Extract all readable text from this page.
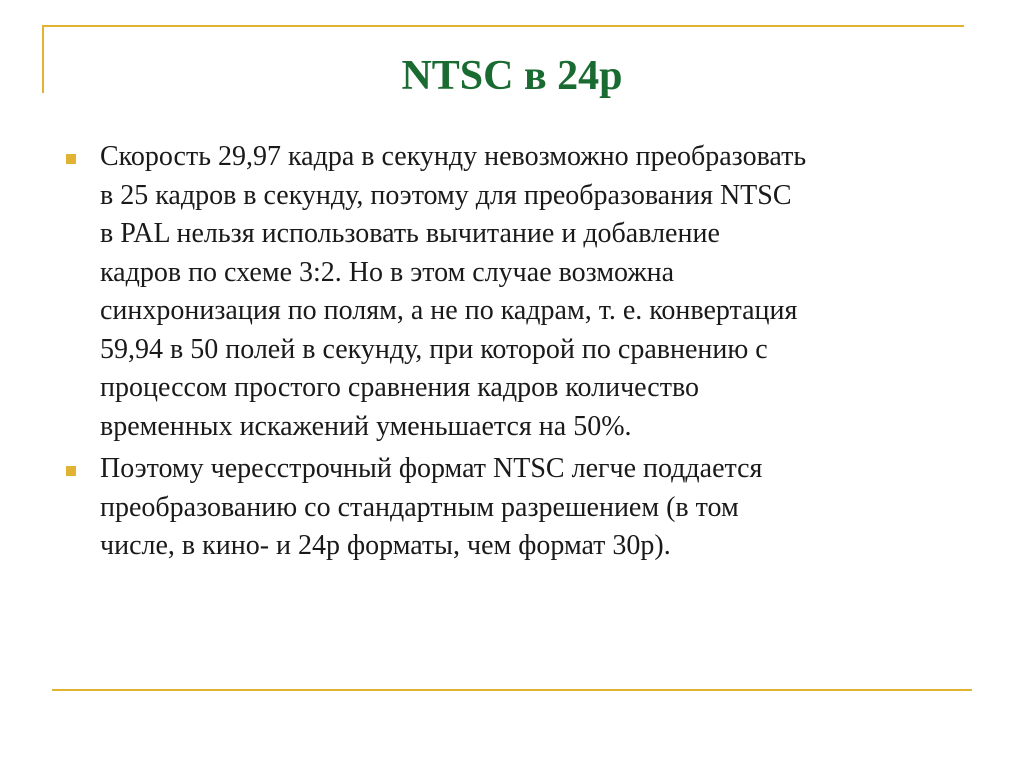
NTSC в 24p
Скорость 29,97 кадра в секунду невозможно преобразовать
в 25 кадров в секунду, поэтому для преобразования NTSC
в PAL нельзя использовать вычитание и добавление
кадров по схеме 3:2. Но в этом случае возможна
синхронизация по полям, а не по кадрам, т. е. конвертация
59,94 в 50 полей в секунду, при которой по сравнению с
процессом простого сравнения кадров количество
временных искажений уменьшается на 50%.
Поэтому чересстрочный формат NTSC легче поддается
преобразованию со стандартным разрешением (в том
числе, в кино- и 24p форматы, чем формат 30p).
